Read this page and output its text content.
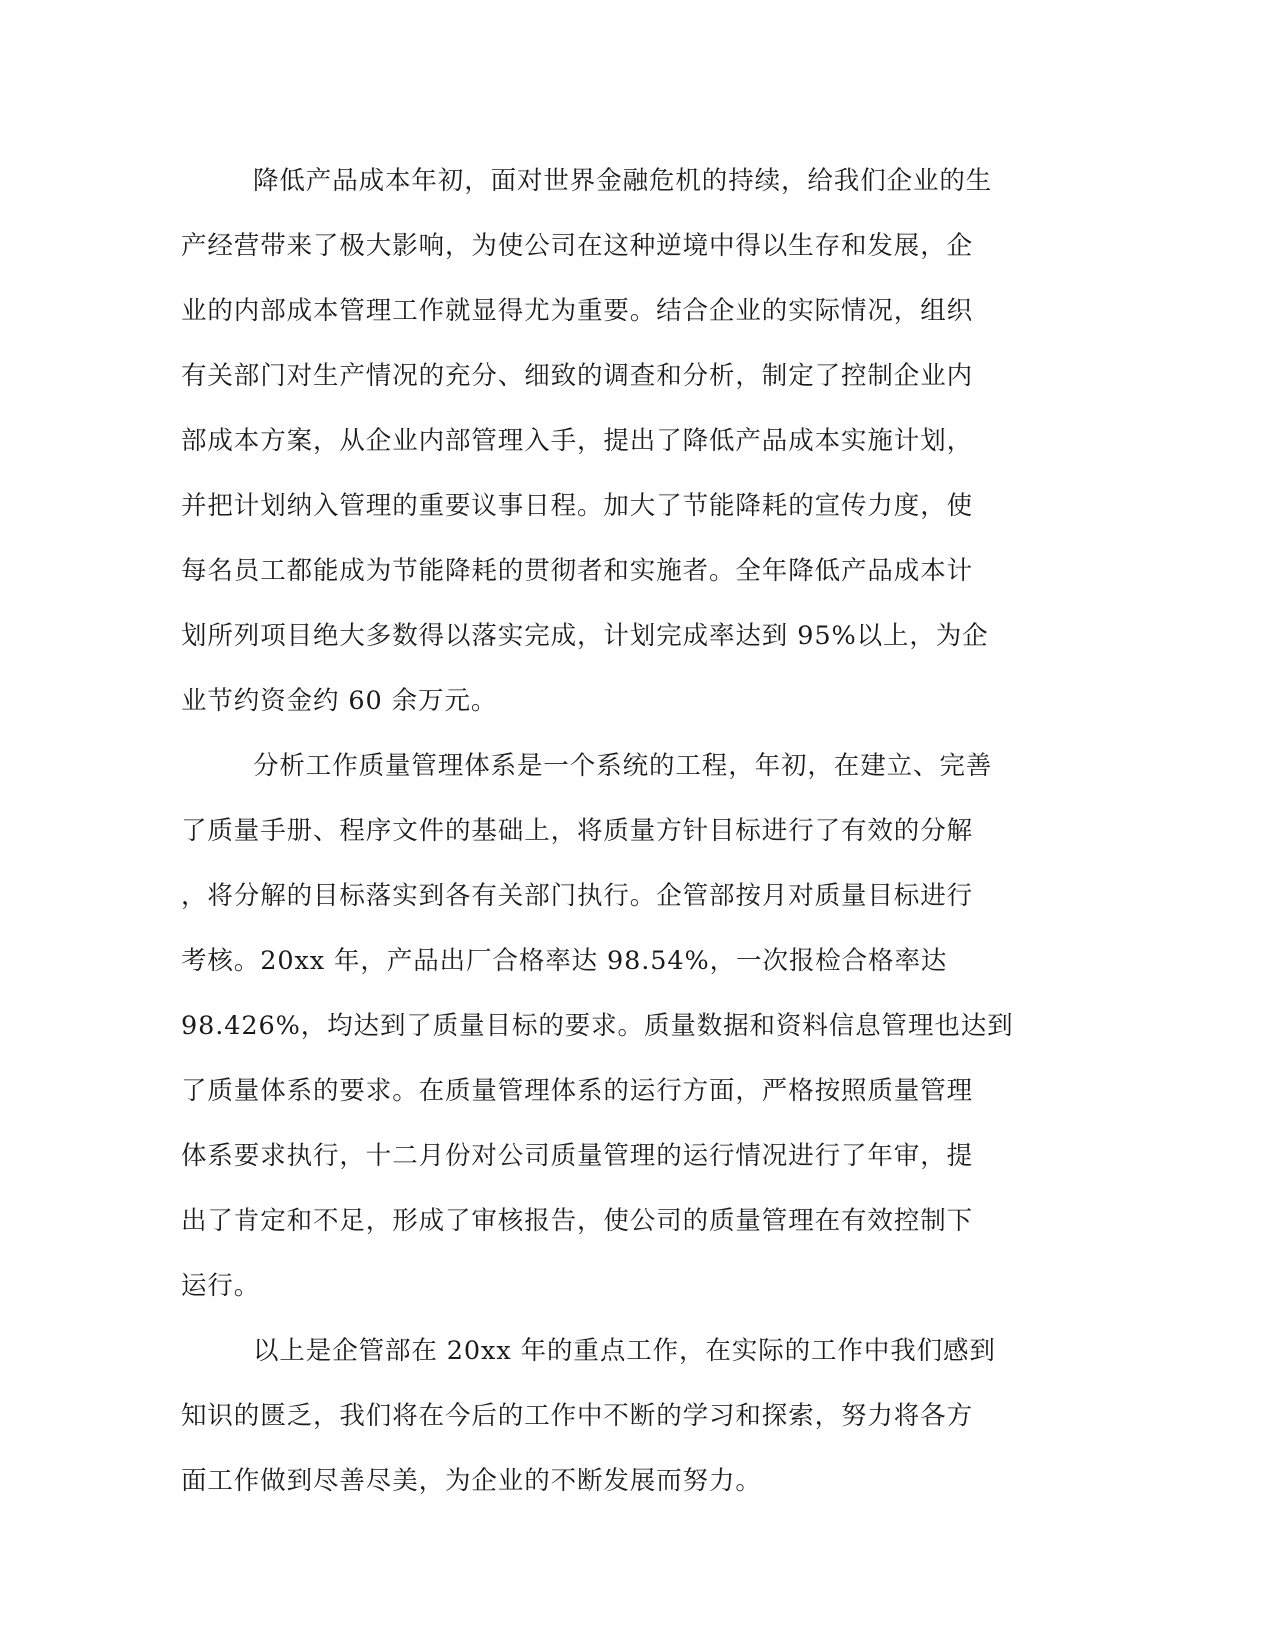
降低产品成本年初，面对世界金融危机的持续，给我们企业的生
产经营带来了极大影响，为使公司在这种逆境中得以生存和发展，企
业的内部成本管理工作就显得尤为重要。结合企业的实际情况，组织
有关部门对生产情况的充分、细致的调查和分析，制定了控制企业内
部成本方案，从企业内部管理入手，提出了降低产品成本实施计划，
并把计划纳入管理的重要议事日程。加大了节能降耗的宣传力度，使
每名员工都能成为节能降耗的贯彻者和实施者。全年降低产品成本计
划所列项目绝大多数得以落实完成，计划完成率达到 95%以上，为企
业节约资金约 60 余万元。
分析工作质量管理体系是一个系统的工程，年初，在建立、完善
了质量手册、程序文件的基础上，将质量方针目标进行了有效的分解
，将分解的目标落实到各有关部门执行。企管部按月对质量目标进行
考核。20xx 年，产品出厂合格率达 98.54%，一次报检合格率达
98.426%，均达到了质量目标的要求。质量数据和资料信息管理也达到
了质量体系的要求。在质量管理体系的运行方面，严格按照质量管理
体系要求执行，十二月份对公司质量管理的运行情况进行了年审，提
出了肯定和不足，形成了审核报告，使公司的质量管理在有效控制下
运行。
以上是企管部在 20xx 年的重点工作，在实际的工作中我们感到
知识的匮乏，我们将在今后的工作中不断的学习和探索，努力将各方
面工作做到尽善尽美，为企业的不断发展而努力。
